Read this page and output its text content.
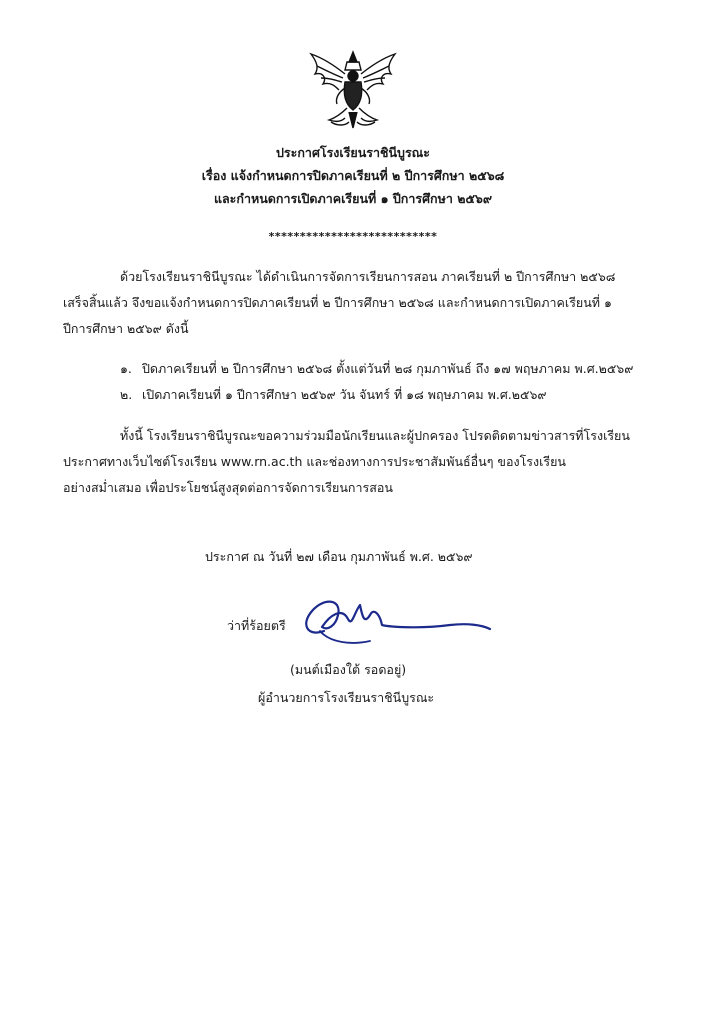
ประกาศโรงเรียนราชินีบูรณะ
เรื่อง แจ้งกำหนดการปิดภาคเรียนที่ ๒ ปีการศึกษา ๒๕๖๘
และกำหนดการเปิดภาคเรียนที่ ๑ ปีการศึกษา ๒๕๖๙
***************************
ด้วยโรงเรียนราชินีบูรณะ ได้ดำเนินการจัดการเรียนการสอน ภาคเรียนที่ ๒ ปีการศึกษา ๒๕๖๘
เสร็จสิ้นแล้ว จึงขอแจ้งกำหนดการปิดภาคเรียนที่ ๒ ปีการศึกษา ๒๕๖๘ และกำหนดการเปิดภาคเรียนที่ ๑
ปีการศึกษา ๒๕๖๙ ดังนี้
๑. ปิดภาคเรียนที่ ๒ ปีการศึกษา ๒๕๖๘ ตั้งแต่วันที่ ๒๘ กุมภาพันธ์ ถึง ๑๗ พฤษภาคม พ.ศ.๒๕๖๙
๒. เปิดภาคเรียนที่ ๑ ปีการศึกษา ๒๕๖๙ วัน จันทร์ ที่ ๑๘ พฤษภาคม พ.ศ.๒๕๖๙
ทั้งนี้ โรงเรียนราชินีบูรณะขอความร่วมมือนักเรียนและผู้ปกครอง โปรดติดตามข่าวสารที่โรงเรียน
ประกาศทางเว็บไซต์โรงเรียน www.rn.ac.th และช่องทางการประชาสัมพันธ์อื่นๆ ของโรงเรียน
อย่างสม่ำเสมอ เพื่อประโยชน์สูงสุดต่อการจัดการเรียนการสอน
ประกาศ ณ วันที่ ๒๗ เดือน กุมภาพันธ์ พ.ศ. ๒๕๖๙
ว่าที่ร้อยตรี
(มนต์เมืองใต้ รอดอยู่)
ผู้อำนวยการโรงเรียนราชินีบูรณะ
